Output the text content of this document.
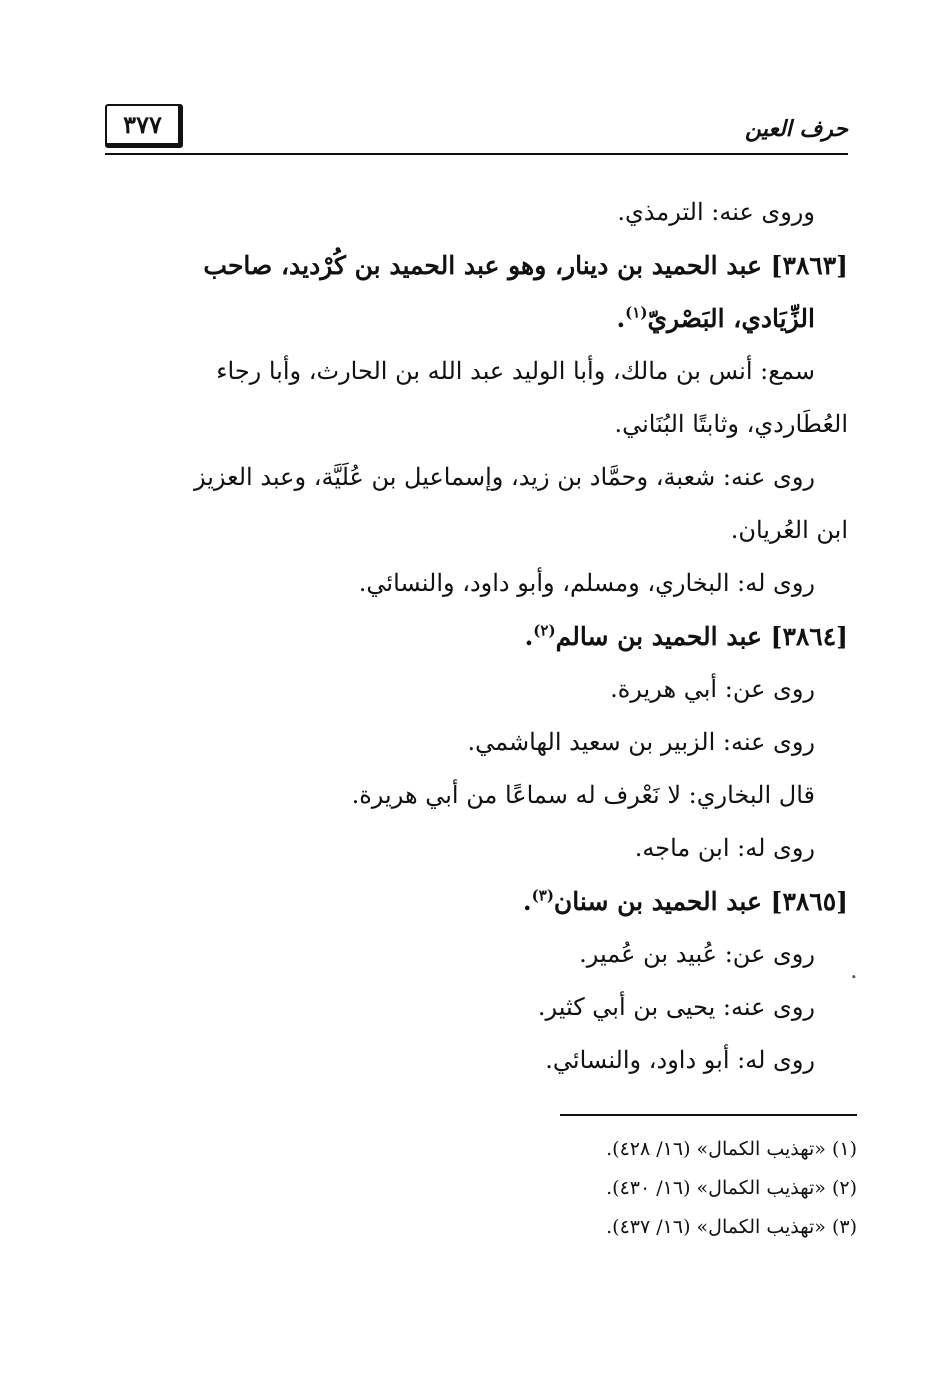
٣٧٧	حرف العين

وروى عنه: الترمذي.

[٣٨٦٣] عبد الحميد بن دينار، وهو عبد الحميد بن كُرْديد، صاحب

الزِّيَادي، البَصْريّ$^{(١)}$.

سمع: أنس بن مالك، وأبا الوليد عبد الله بن الحارث، وأبا رجاء

العُطَاردي، وثابتًا البُنَاني.

روى عنه: شعبة، وحمَّاد بن زيد، وإسماعيل بن عُلَيَّة، وعبد العزيز

ابن العُريان.

روى له: البخاري، ومسلم، وأبو داود، والنسائي.

[٣٨٦٤] عبد الحميد بن سالم$^{(٢)}$.

روى عن: أبي هريرة.

روى عنه: الزبير بن سعيد الهاشمي.

قال البخاري: لا نَعْرف له سماعًا من أبي هريرة.

روى له: ابن ماجه.

[٣٨٦٥] عبد الحميد بن سنان$^{(٣)}$.

روى عن: عُبيد بن عُمير.

روى عنه: يحيى بن أبي كثير.

روى له: أبو داود، والنسائي.

.
(١) «تهذيب الكمال» (١٦/ ٤٢٨).
(٢) «تهذيب الكمال» (١٦/ ٤٣٠).
(٣) «تهذيب الكمال» (١٦/ ٤٣٧).
